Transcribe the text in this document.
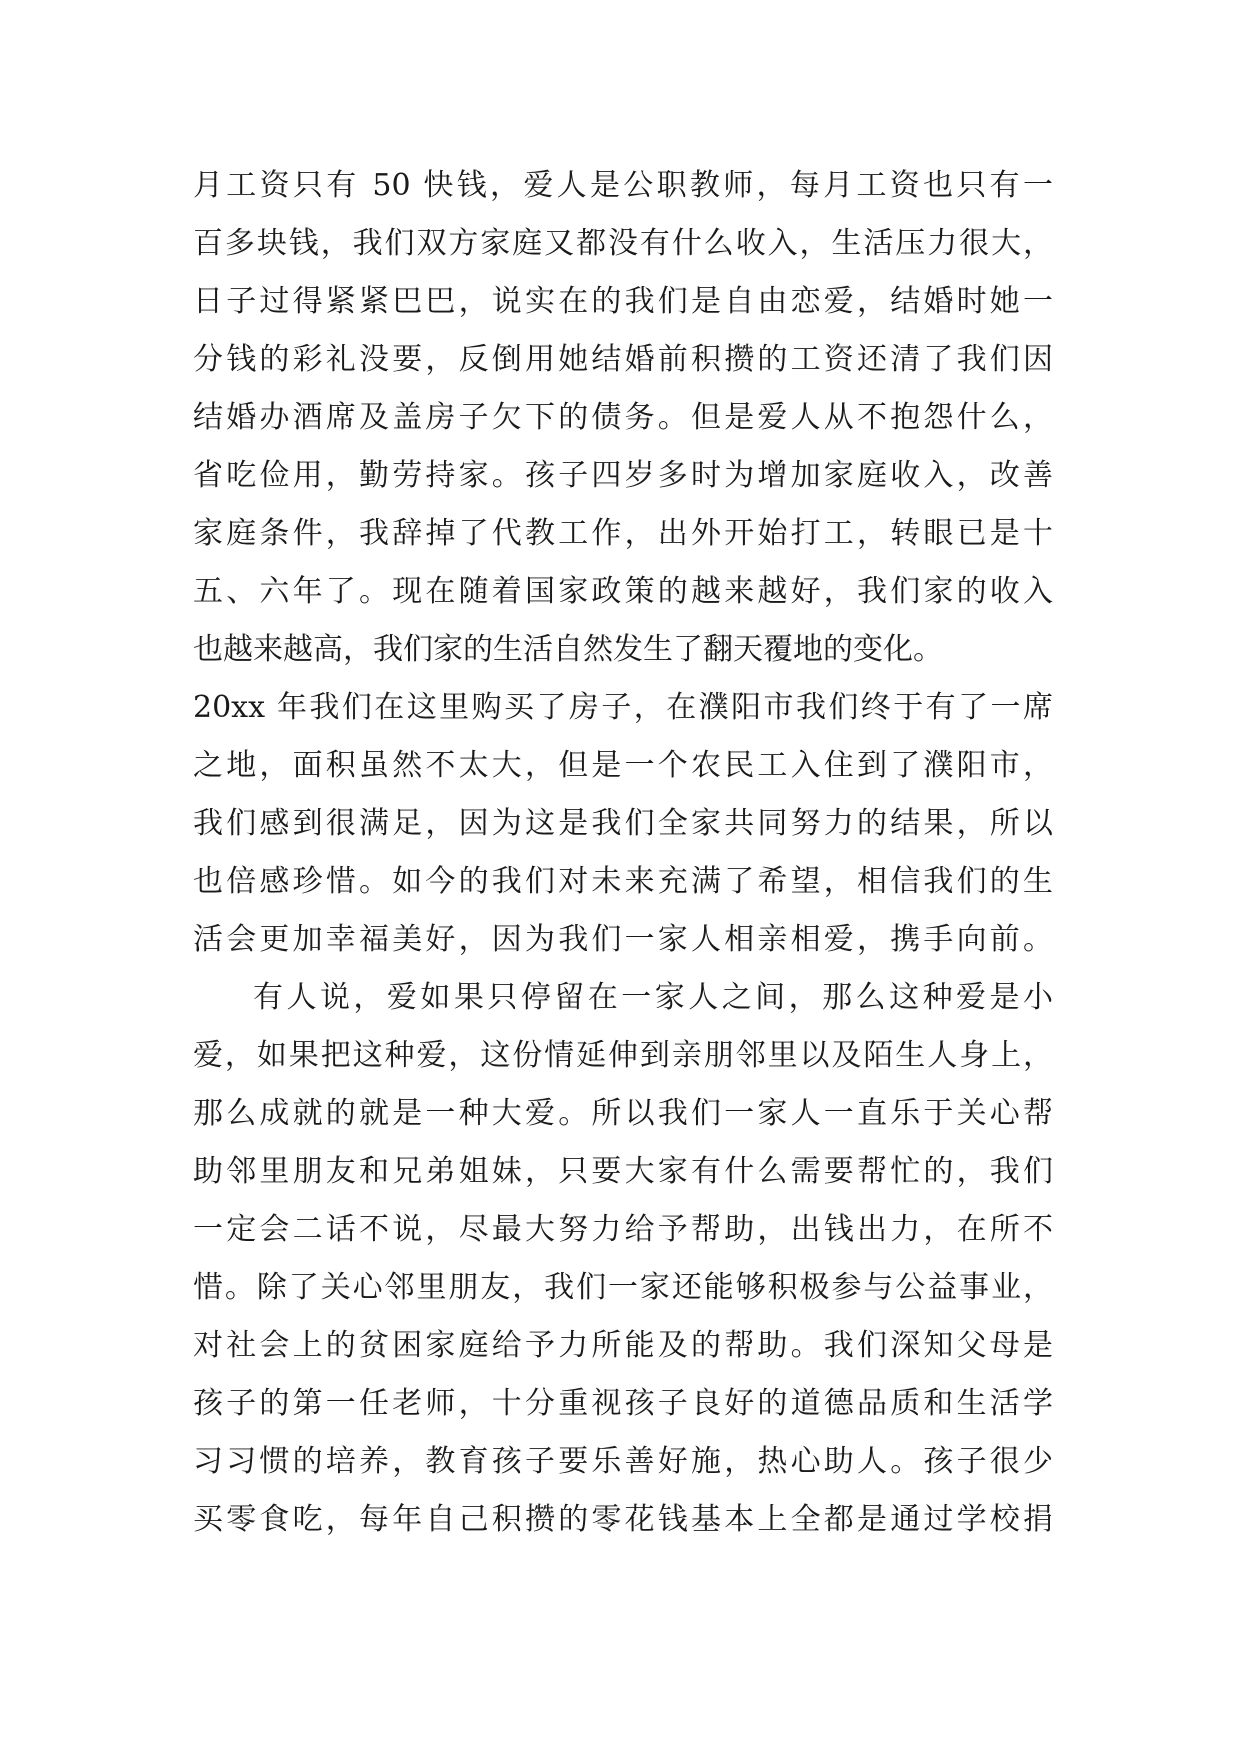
月工资只有 50 快钱，爱人是公职教师，每月工资也只有一
百多块钱，我们双方家庭又都没有什么收入，生活压力很大，
日子过得紧紧巴巴，说实在的我们是自由恋爱，结婚时她一
分钱的彩礼没要，反倒用她结婚前积攒的工资还清了我们因
结婚办酒席及盖房子欠下的债务。但是爱人从不抱怨什么，
省吃俭用，勤劳持家。孩子四岁多时为增加家庭收入，改善
家庭条件，我辞掉了代教工作，出外开始打工，转眼已是十
五、六年了。现在随着国家政策的越来越好，我们家的收入
也越来越高，我们家的生活自然发生了翻天覆地的变化。
20xx 年我们在这里购买了房子，在濮阳市我们终于有了一席
之地，面积虽然不太大，但是一个农民工入住到了濮阳市，
我们感到很满足，因为这是我们全家共同努力的结果，所以
也倍感珍惜。如今的我们对未来充满了希望，相信我们的生
活会更加幸福美好，因为我们一家人相亲相爱，携手向前。
有人说，爱如果只停留在一家人之间，那么这种爱是小
爱，如果把这种爱，这份情延伸到亲朋邻里以及陌生人身上，
那么成就的就是一种大爱。所以我们一家人一直乐于关心帮
助邻里朋友和兄弟姐妹，只要大家有什么需要帮忙的，我们
一定会二话不说，尽最大努力给予帮助，出钱出力，在所不
惜。除了关心邻里朋友，我们一家还能够积极参与公益事业，
对社会上的贫困家庭给予力所能及的帮助。我们深知父母是
孩子的第一任老师，十分重视孩子良好的道德品质和生活学
习习惯的培养，教育孩子要乐善好施，热心助人。孩子很少
买零食吃，每年自己积攒的零花钱基本上全都是通过学校捐
